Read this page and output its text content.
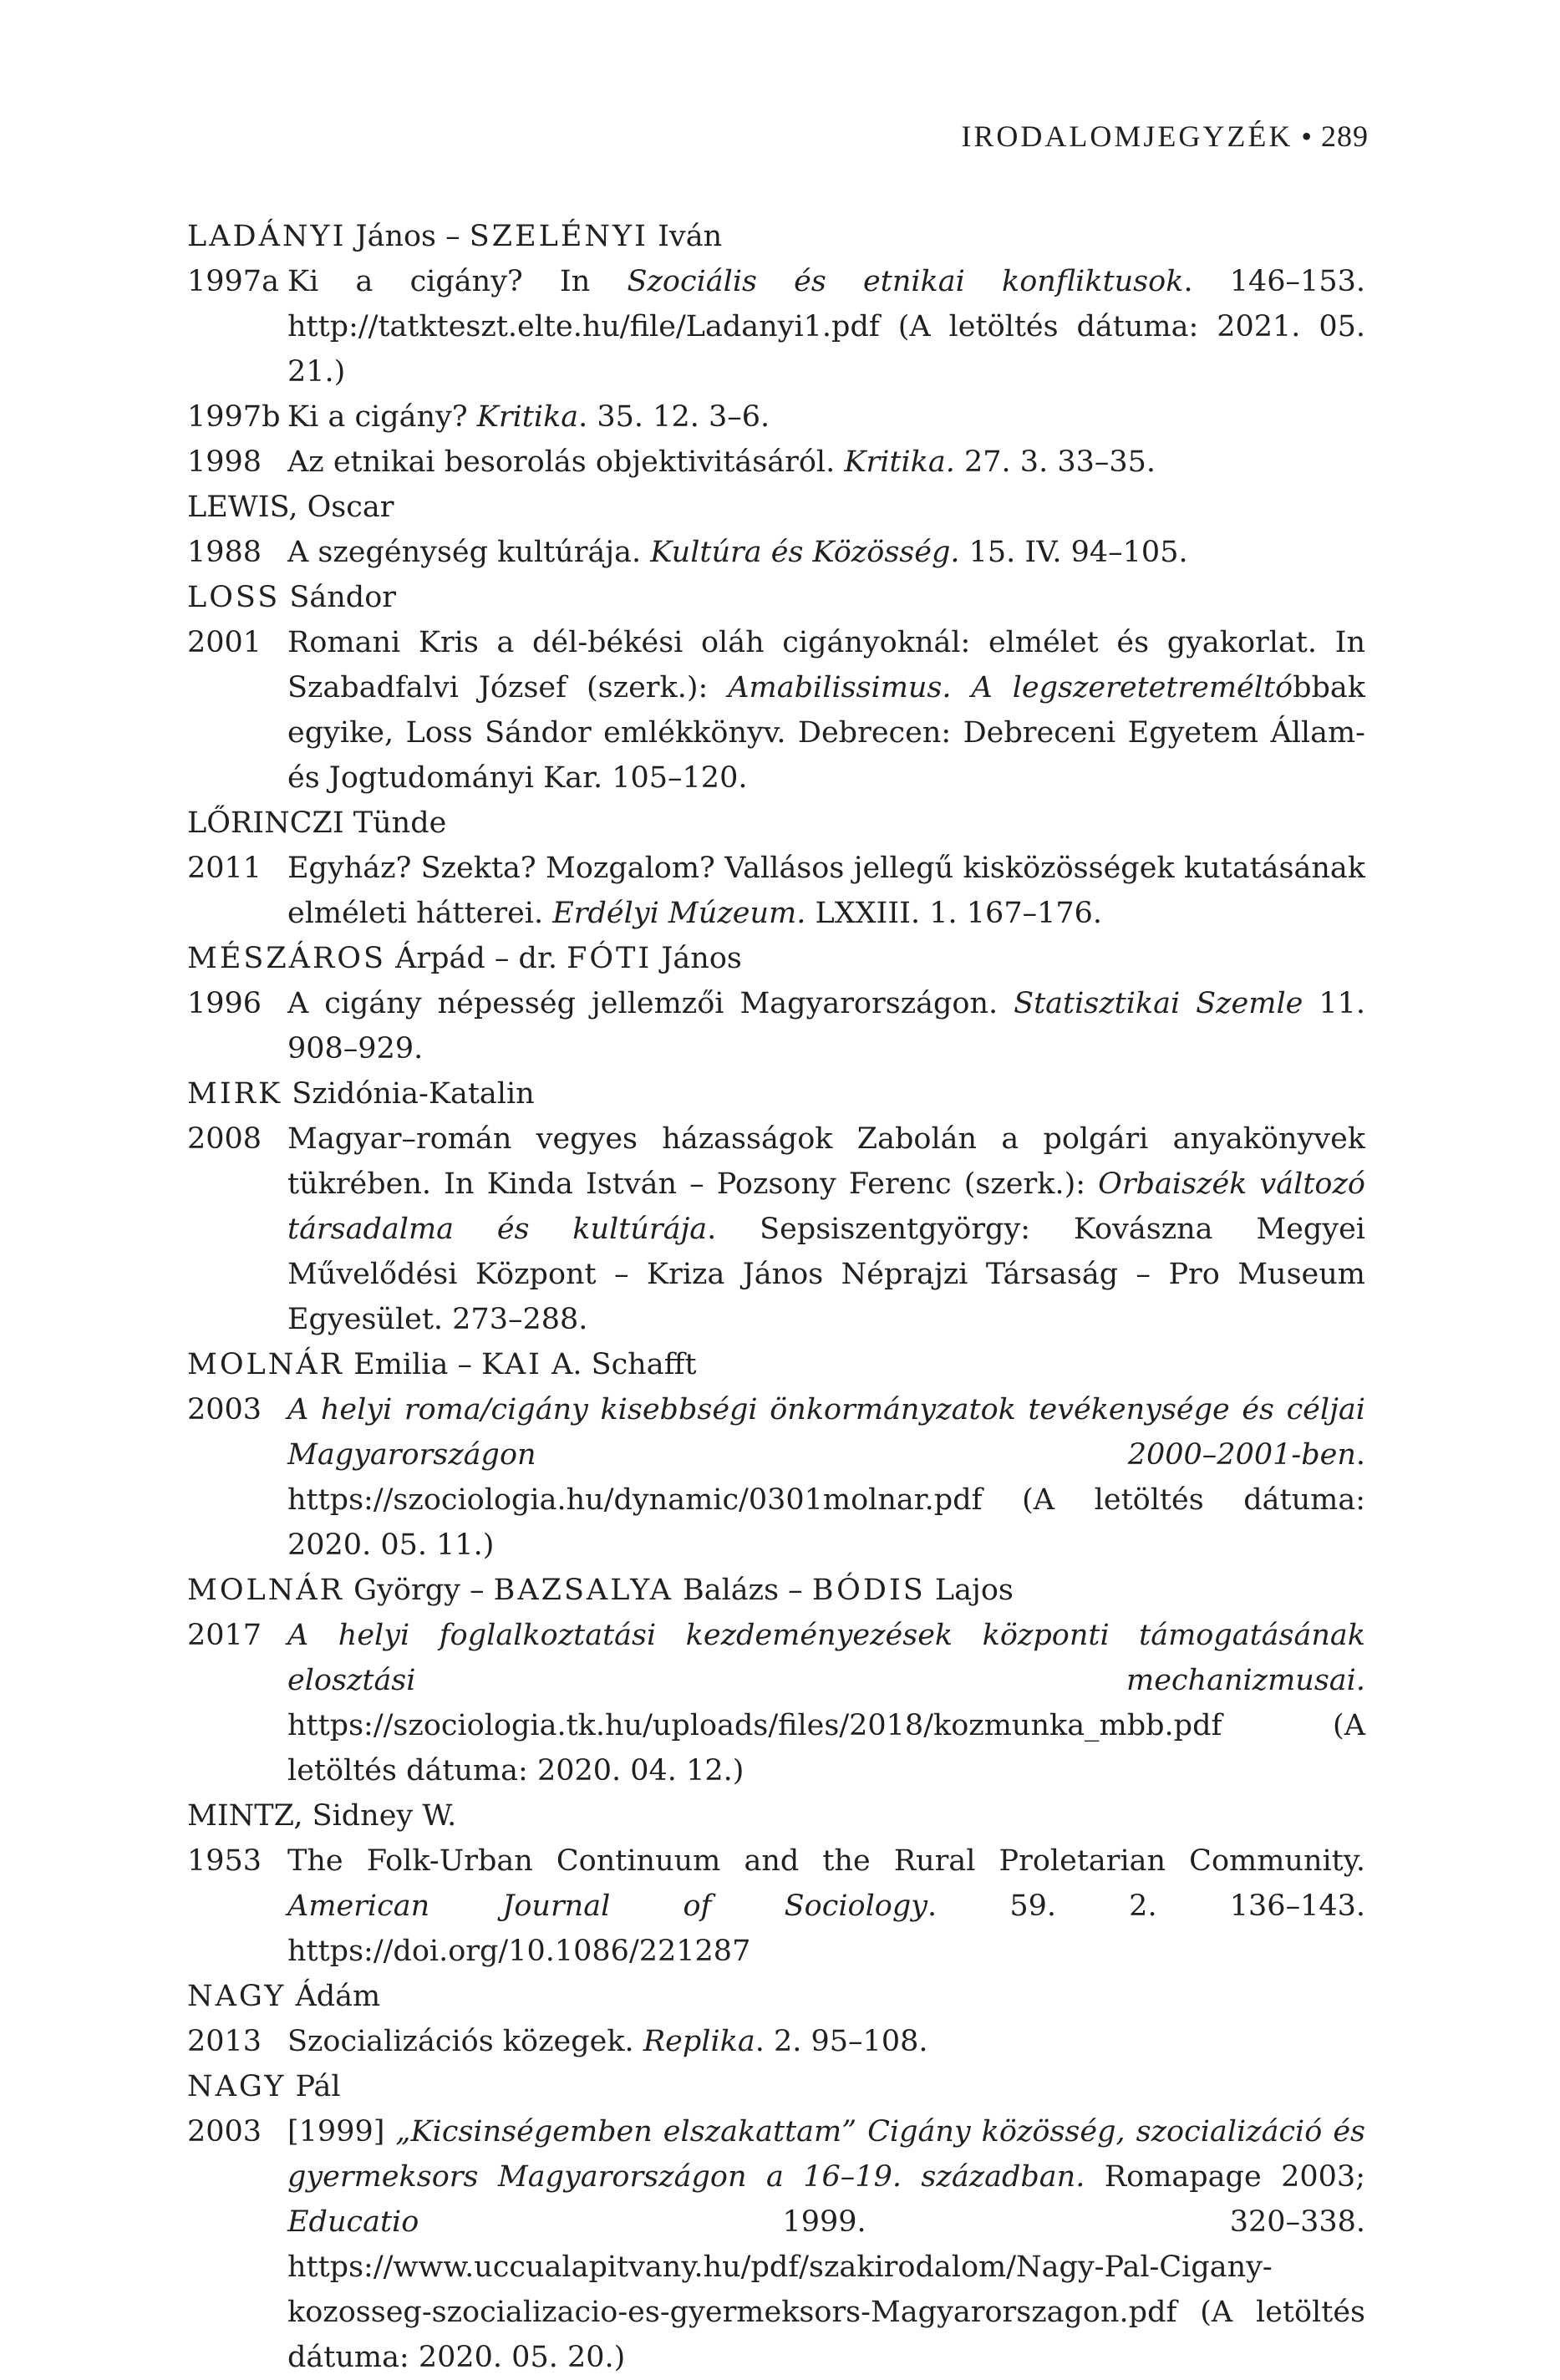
IRODALOMJEGYZÉK • 289

LADÁNYI János – SZELÉNYI Iván

1997a Ki a cigány? In Szociális és etnikai konfliktusok. 146–153. http://tatkteszt.elte.hu/file/Ladanyi1.pdf (A letöltés dátuma: 2021. 05. 21.)
1997b Ki a cigány? Kritika. 35. 12. 3–6.
1998 Az etnikai besorolás objektivitásáról. Kritika. 27. 3. 33–35.

LEWIS, Oscar

1988 A szegénység kultúrája. Kultúra és Közösség. 15. IV. 94–105.

LOSS Sándor

2001 Romani Kris a dél-békési oláh cigányoknál: elmélet és gyakorlat. In Szabadfalvi József (szerk.): Amabilissimus. A legszeretetreméltóbbak egyike, Loss Sándor emlékkönyv. Debrecen: Debreceni Egyetem Állam- és Jogtudományi Kar. 105–120.

LŐRINCZI Tünde

2011 Egyház? Szekta? Mozgalom? Vallásos jellegű kisközösségek kutatásának elméleti hátterei. Erdélyi Múzeum. LXXIII. 1. 167–176.

MÉSZÁROS Árpád – dr. FÓTI János

1996 A cigány népesség jellemzői Magyarországon. Statisztikai Szemle 11. 908–929.

MIRK Szidónia-Katalin

2008 Magyar–román vegyes házasságok Zabolán a polgári anyakönyvek tükrében. In Kinda István – Pozsony Ferenc (szerk.): Orbaiszék változó társadalma és kultúrája. Sepsiszentgyörgy: Kovászna Megyei Művelődési Központ – Kriza János Néprajzi Társaság – Pro Museum Egyesület. 273–288.

MOLNÁR Emilia – KAI A. Schafft

2003 A helyi roma/cigány kisebbségi önkormányzatok tevékenysége és céljai Magyarországon 2000–2001-ben. https://szociologia.hu/dynamic/0301molnar.pdf (A letöltés dátuma: 2020. 05. 11.)

MOLNÁR György – BAZSALYA Balázs – BÓDIS Lajos

2017 A helyi foglalkoztatási kezdeményezések központi támogatásának elosztási mechanizmusai. https://szociologia.tk.hu/uploads/files/2018/kozmunka_mbb.pdf (A letöltés dátuma: 2020. 04. 12.)

MINTZ, Sidney W.

1953 The Folk-Urban Continuum and the Rural Proletarian Community. American Journal of Sociology. 59. 2. 136–143. https://doi.org/10.1086/221287

NAGY Ádám

2013 Szocializációs közegek. Replika. 2. 95–108.

NAGY Pál

2003 [1999] „Kicsinségemben elszakattam” Cigány közösség, szocializáció és gyermeksors Magyarországon a 16–19. században. Romapage 2003; Educatio 1999. 320–338. https://www.uccualapitvany.hu/pdf/szakirodalom/Nagy-Pal-Cigany-kozosseg-szocializacio-es-gyermeksors-Magyarorszagon.pdf (A letöltés dátuma: 2020. 05. 20.)
